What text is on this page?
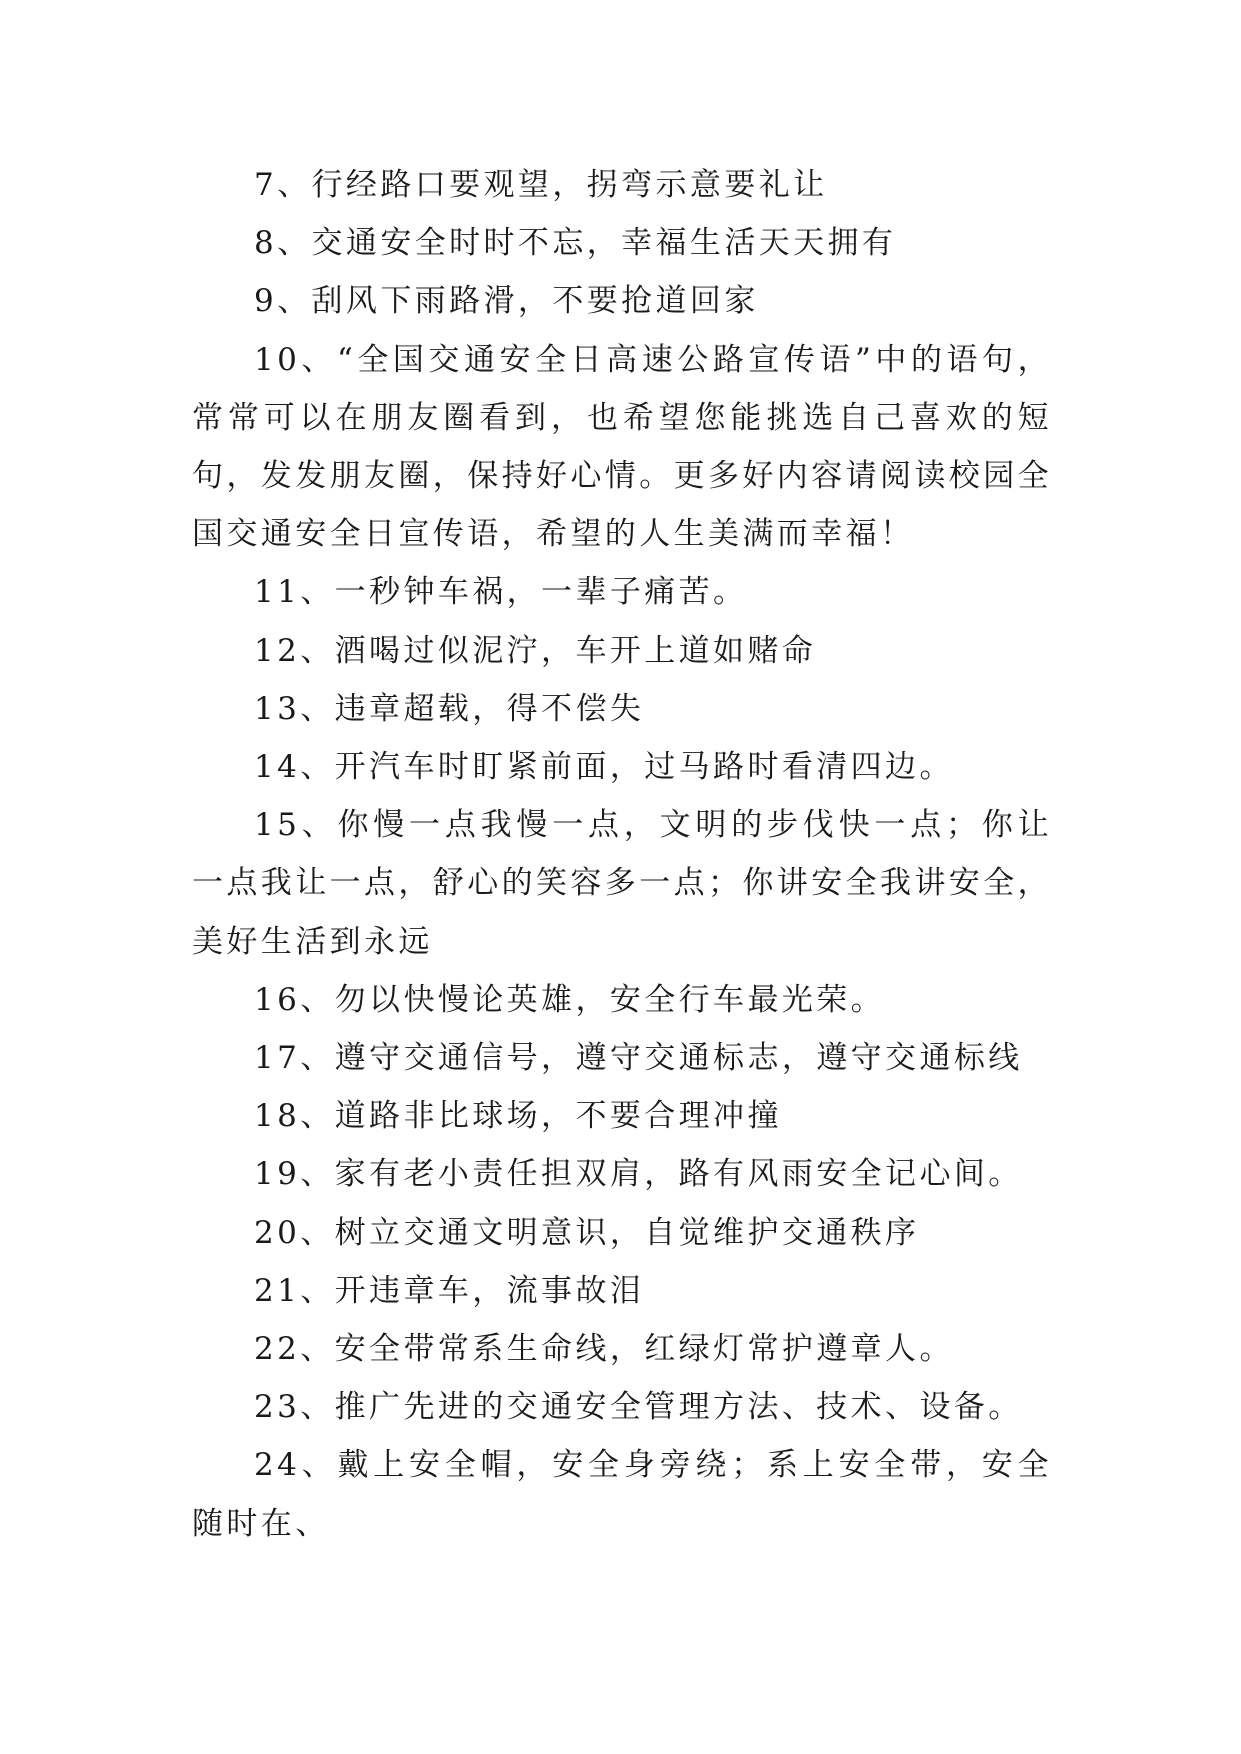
7、行经路口要观望，拐弯示意要礼让

8、交通安全时时不忘，幸福生活天天拥有

9、刮风下雨路滑，不要抢道回家

10、“全国交通安全日高速公路宣传语”中的语句，常常可以在朋友圈看到，也希望您能挑选自己喜欢的短句，发发朋友圈，保持好心情。更多好内容请阅读校园全国交通安全日宣传语，希望的人生美满而幸福！

11、一秒钟车祸，一辈子痛苦。

12、酒喝过似泥泞，车开上道如赌命

13、违章超载，得不偿失

14、开汽车时盯紧前面，过马路时看清四边。

15、你慢一点我慢一点，文明的步伐快一点；你让一点我让一点，舒心的笑容多一点；你讲安全我讲安全，美好生活到永远

16、勿以快慢论英雄，安全行车最光荣。

17、遵守交通信号，遵守交通标志，遵守交通标线

18、道路非比球场，不要合理冲撞

19、家有老小责任担双肩，路有风雨安全记心间。

20、树立交通文明意识，自觉维护交通秩序

21、开违章车，流事故泪

22、安全带常系生命线，红绿灯常护遵章人。

23、推广先进的交通安全管理方法、技术、设备。

24、戴上安全帽，安全身旁绕；系上安全带，安全随时在、
